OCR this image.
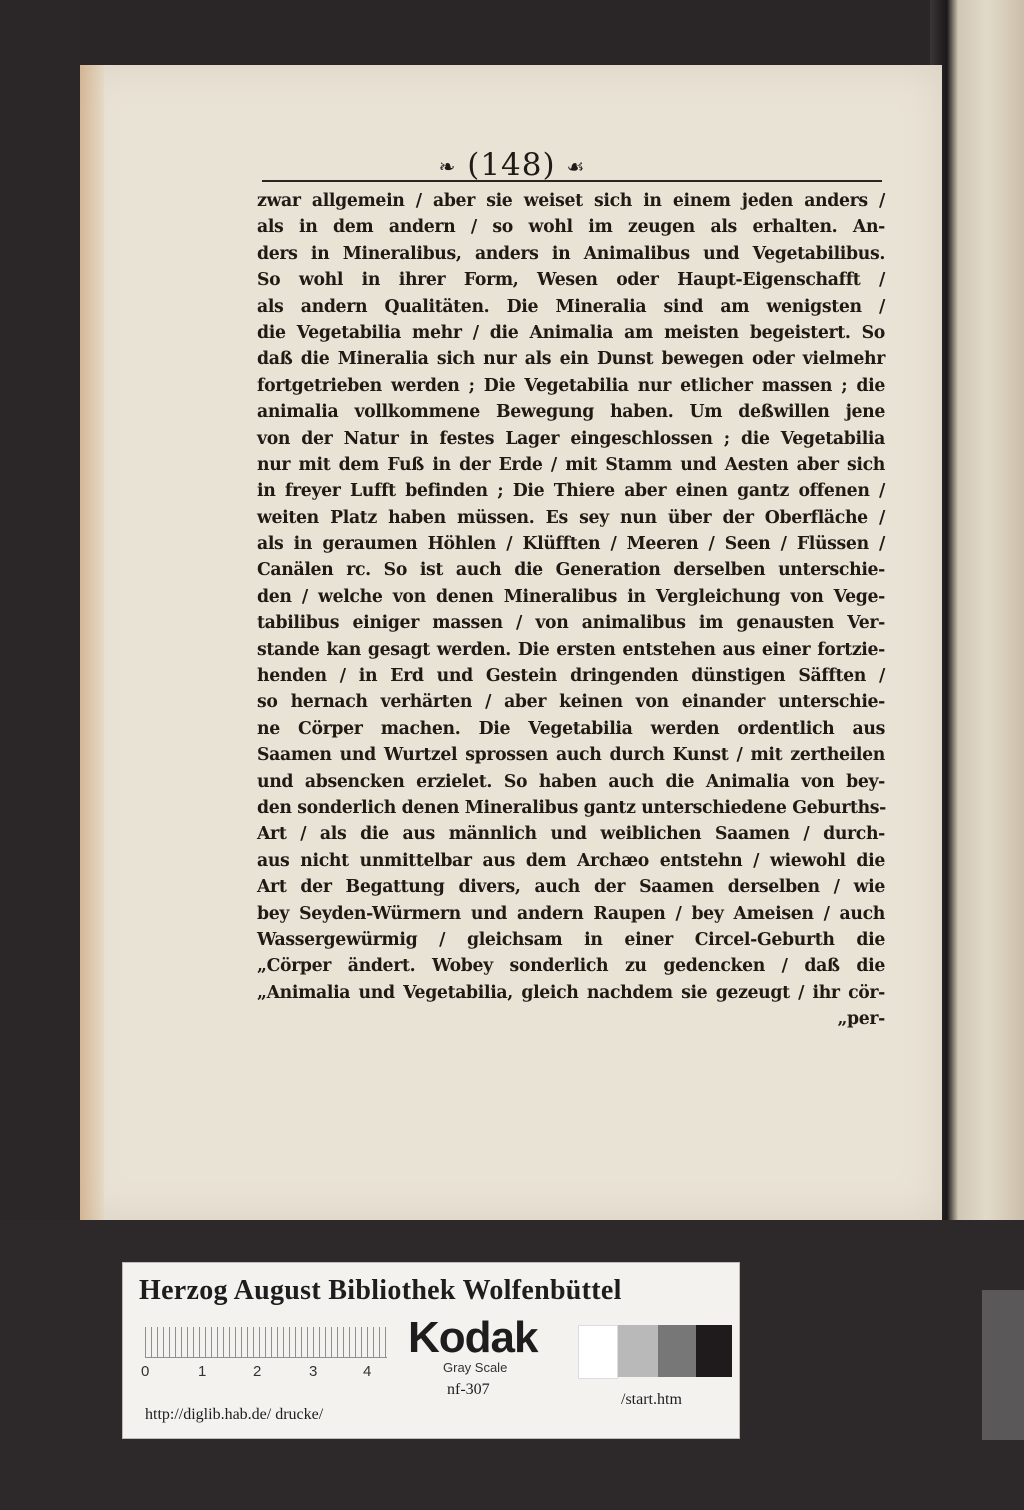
❧ (148) ☙
zwar allgemein / aber sie weiset sich in einem jeden anders /
als in dem andern / so wohl im zeugen als erhalten. An-
ders in Mineralibus, anders in Animalibus und Vegetabilibus.
So wohl in ihrer Form, Wesen oder Haupt-Eigenschafft /
als andern Qualitäten. Die Mineralia sind am wenigsten /
die Vegetabilia mehr / die Animalia am meisten begeistert. So
daß die Mineralia sich nur als ein Dunst bewegen oder vielmehr
fortgetrieben werden ; Die Vegetabilia nur etlicher massen ; die
animalia vollkommene Bewegung haben. Um deßwillen jene
von der Natur in festes Lager eingeschlossen ; die Vegetabilia
nur mit dem Fuß in der Erde / mit Stamm und Aesten aber sich
in freyer Lufft befinden ; Die Thiere aber einen gantz offenen /
weiten Platz haben müssen. Es sey nun über der Oberfläche /
als in geraumen Höhlen / Klüfften / Meeren / Seen / Flüssen /
Canälen rc. So ist auch die Generation derselben unterschie-
den / welche von denen Mineralibus in Vergleichung von Vege-
tabilibus einiger massen / von animalibus im genausten Ver-
stande kan gesagt werden. Die ersten entstehen aus einer fortzie-
henden / in Erd und Gestein dringenden dünstigen Säfften /
so hernach verhärten / aber keinen von einander unterschie-
ne Cörper machen. Die Vegetabilia werden ordentlich aus
Saamen und Wurtzel sprossen auch durch Kunst / mit zertheilen
und absencken erzielet. So haben auch die Animalia von bey-
den sonderlich denen Mineralibus gantz unterschiedene Geburths-
Art / als die aus männlich und weiblichen Saamen / durch-
aus nicht unmittelbar aus dem Archæo entstehn / wiewohl die
Art der Begattung divers, auch der Saamen derselben / wie
bey Seyden-Würmern und andern Raupen / bey Ameisen / auch
Wassergewürmig / gleichsam in einer Circel-Geburth die
„Cörper ändert. Wobey sonderlich zu gedencken / daß die
„Animalia und Vegetabilia, gleich nachdem sie gezeugt / ihr cör-
„per-
Herzog August Bibliothek Wolfenbüttel
0	1	2	3	4
Kodak
Gray Scale
nf-307
http://diglib.hab.de/ drucke/
/start.htm
